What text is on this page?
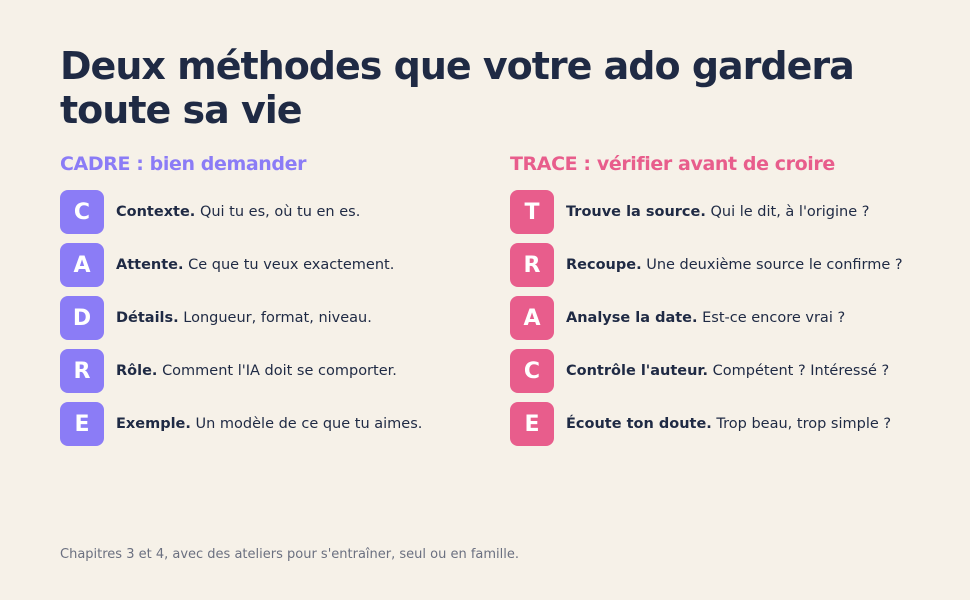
Deux méthodes que votre ado gardera toute sa vie
CADRE : bien demander
C	Contexte. Qui tu es, où tu en es.
A	Attente. Ce que tu veux exactement.
D	Détails. Longueur, format, niveau.
R	Rôle. Comment l'IA doit se comporter.
E	Exemple. Un modèle de ce que tu aimes.
TRACE : vérifier avant de croire
T	Trouve la source. Qui le dit, à l'origine ?
R	Recoupe. Une deuxième source le confirme ?
A	Analyse la date. Est-ce encore vrai ?
C	Contrôle l'auteur. Compétent ? Intéressé ?
E	Écoute ton doute. Trop beau, trop simple ?

Chapitres 3 et 4, avec des ateliers pour s'entraîner, seul ou en famille.
